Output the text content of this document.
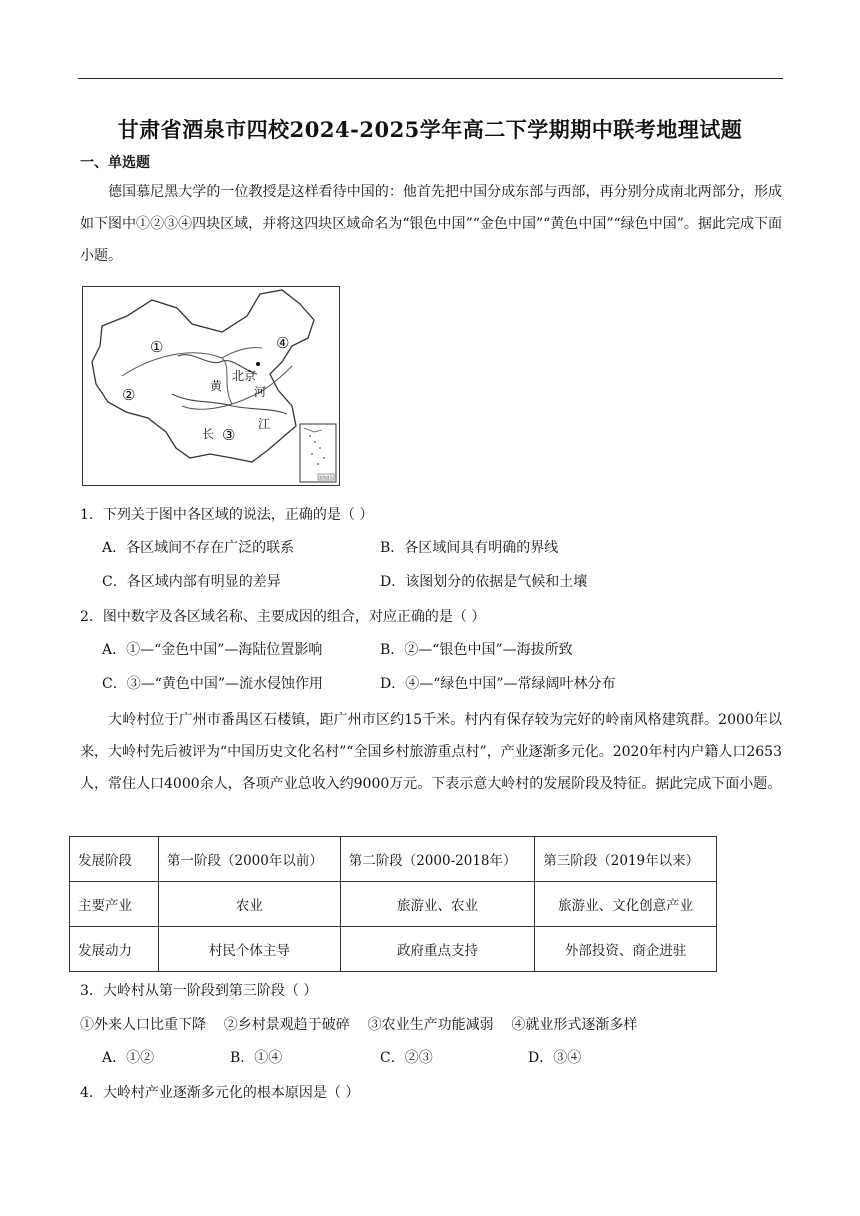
甘肃省酒泉市四校2024-2025学年高二下学期期中联考地理试题
一、单选题
德国慕尼黑大学的一位教授是这样看待中国的：他首先把中国分成东部与西部，再分别分成南北两部分，形成如下图中①②③④四块区域，并将这四块区域命名为“银色中国”“金色中国”“黄色中国”“绿色中国”。据此完成下面小题。
南海诸岛
①
②
③
④
北京
黄	河
长
江
1．下列关于图中各区域的说法，正确的是（ ）
A．各区域间不存在广泛的联系	B．各区域间具有明确的界线
C．各区域内部有明显的差异	D．该图划分的依据是气候和土壤
2．图中数字及各区域名称、主要成因的组合，对应正确的是（ ）
A．①—“金色中国”—海陆位置影响	B．②—“银色中国”—海拔所致
C．③—“黄色中国”—流水侵蚀作用	D．④—“绿色中国”—常绿阔叶林分布
大岭村位于广州市番禺区石楼镇，距广州市区约15千米。村内有保存较为完好的岭南风格建筑群。2000年以来，大岭村先后被评为“中国历史文化名村”“全国乡村旅游重点村”，产业逐渐多元化。2020年村内户籍人口2653人，常住人口4000余人，各项产业总收入约9000万元。下表示意大岭村的发展阶段及特征。据此完成下面小题。
发展阶段	第一阶段（2000年以前）	第二阶段（2000-2018年）	第三阶段（2019年以来）
主要产业	农业	旅游业、农业	旅游业、文化创意产业
发展动力	村民个体主导	政府重点支持	外部投资、商企进驻
3．大岭村从第一阶段到第三阶段（ ）
①外来人口比重下降    ②乡村景观趋于破碎    ③农业生产功能减弱    ④就业形式逐渐多样
A．①②	B．①④	C．②③	D．③④
4．大岭村产业逐渐多元化的根本原因是（ ）
